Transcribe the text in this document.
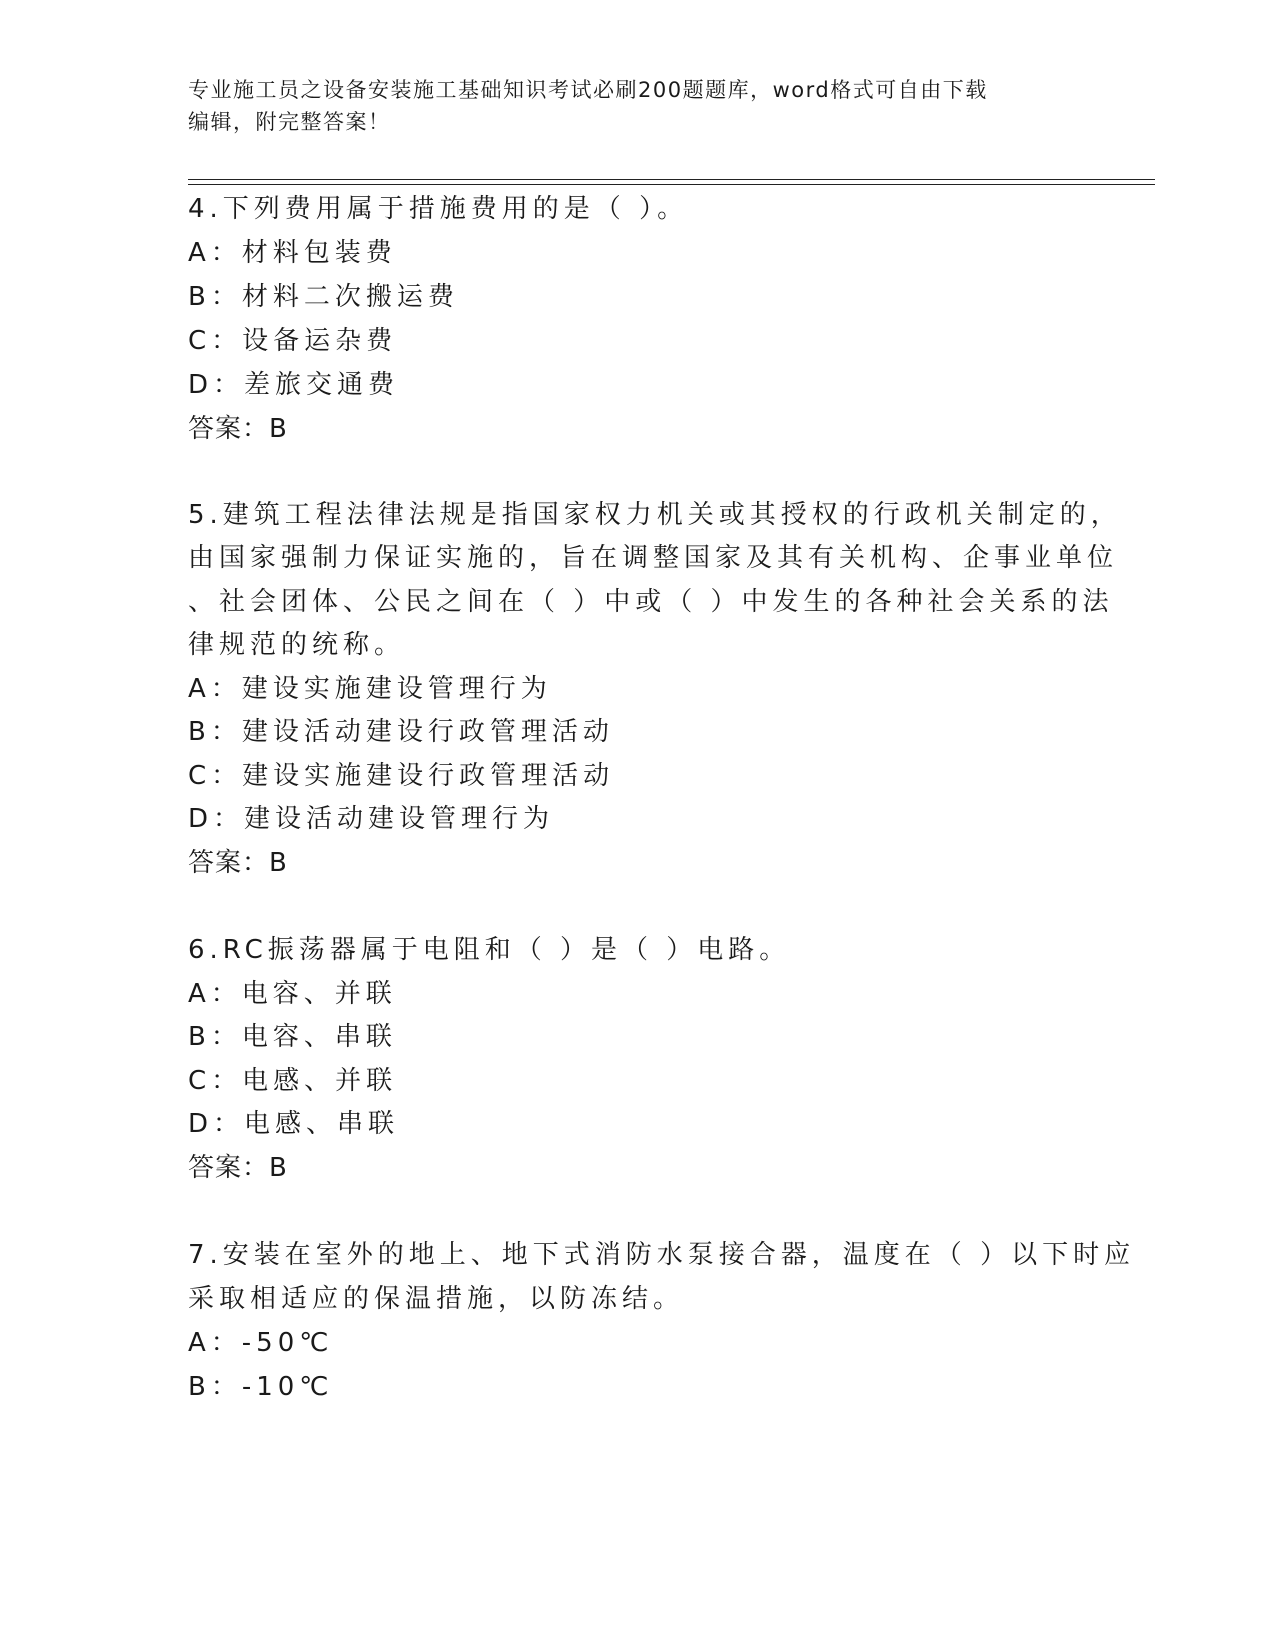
专业施工员之设备安装施工基础知识考试必刷200题题库，word格式可自由下载
编辑，附完整答案！
4.下列费用属于措施费用的是（ ）。
A：材料包装费
B：材料二次搬运费
C：设备运杂费
D：差旅交通费
答案：B
5.建筑工程法律法规是指国家权力机关或其授权的行政机关制定的，
由国家强制力保证实施的，旨在调整国家及其有关机构、企事业单位
、社会团体、公民之间在（ ）中或（ ）中发生的各种社会关系的法
律规范的统称。
A：建设实施建设管理行为
B：建设活动建设行政管理活动
C：建设实施建设行政管理活动
D：建设活动建设管理行为
答案：B
6.RC振荡器属于电阻和（ ）是（ ）电路。
A：电容、并联
B：电容、串联
C：电感、并联
D：电感、串联
答案：B
7.安装在室外的地上、地下式消防水泵接合器，温度在（ ）以下时应
采取相适应的保温措施，以防冻结。
A：-50℃
B：-10℃
